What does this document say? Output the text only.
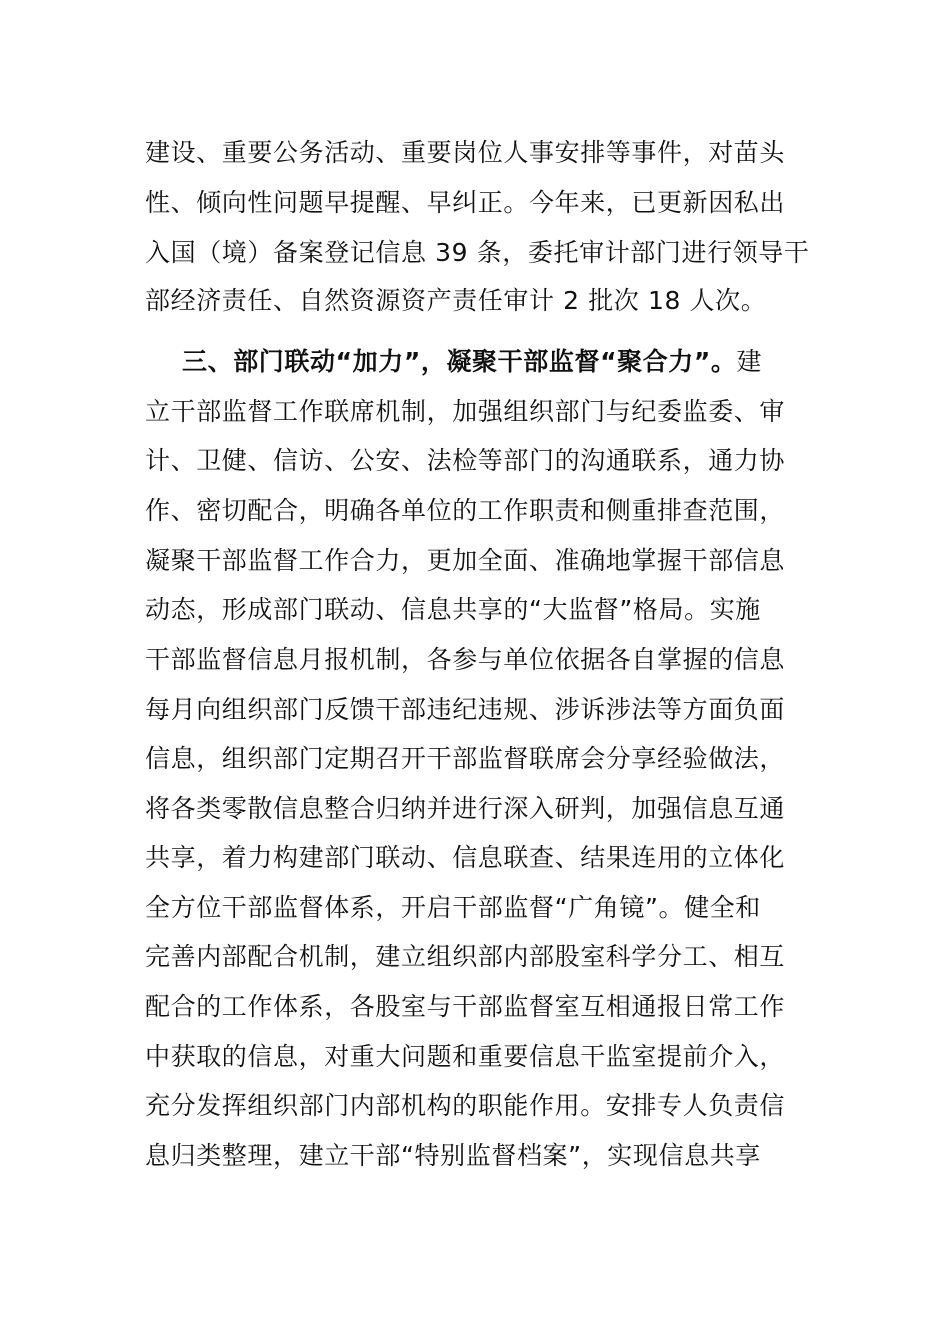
建设、重要公务活动、重要岗位人事安排等事件，对苗头
性、倾向性问题早提醒、早纠正。今年来，已更新因私出
入国（境）备案登记信息 39 条，委托审计部门进行领导干
部经济责任、自然资源资产责任审计 2 批次 18 人次。
三、部门联动“加力”，凝聚干部监督“聚合力”。建
立干部监督工作联席机制，加强组织部门与纪委监委、审
计、卫健、信访、公安、法检等部门的沟通联系，通力协
作、密切配合，明确各单位的工作职责和侧重排查范围，
凝聚干部监督工作合力，更加全面、准确地掌握干部信息
动态，形成部门联动、信息共享的“大监督”格局。实施
干部监督信息月报机制，各参与单位依据各自掌握的信息
每月向组织部门反馈干部违纪违规、涉诉涉法等方面负面
信息，组织部门定期召开干部监督联席会分享经验做法，
将各类零散信息整合归纳并进行深入研判，加强信息互通
共享，着力构建部门联动、信息联查、结果连用的立体化
全方位干部监督体系，开启干部监督“广角镜”。健全和
完善内部配合机制，建立组织部内部股室科学分工、相互
配合的工作体系，各股室与干部监督室互相通报日常工作
中获取的信息，对重大问题和重要信息干监室提前介入，
充分发挥组织部门内部机构的职能作用。安排专人负责信
息归类整理，建立干部“特别监督档案”，实现信息共享
